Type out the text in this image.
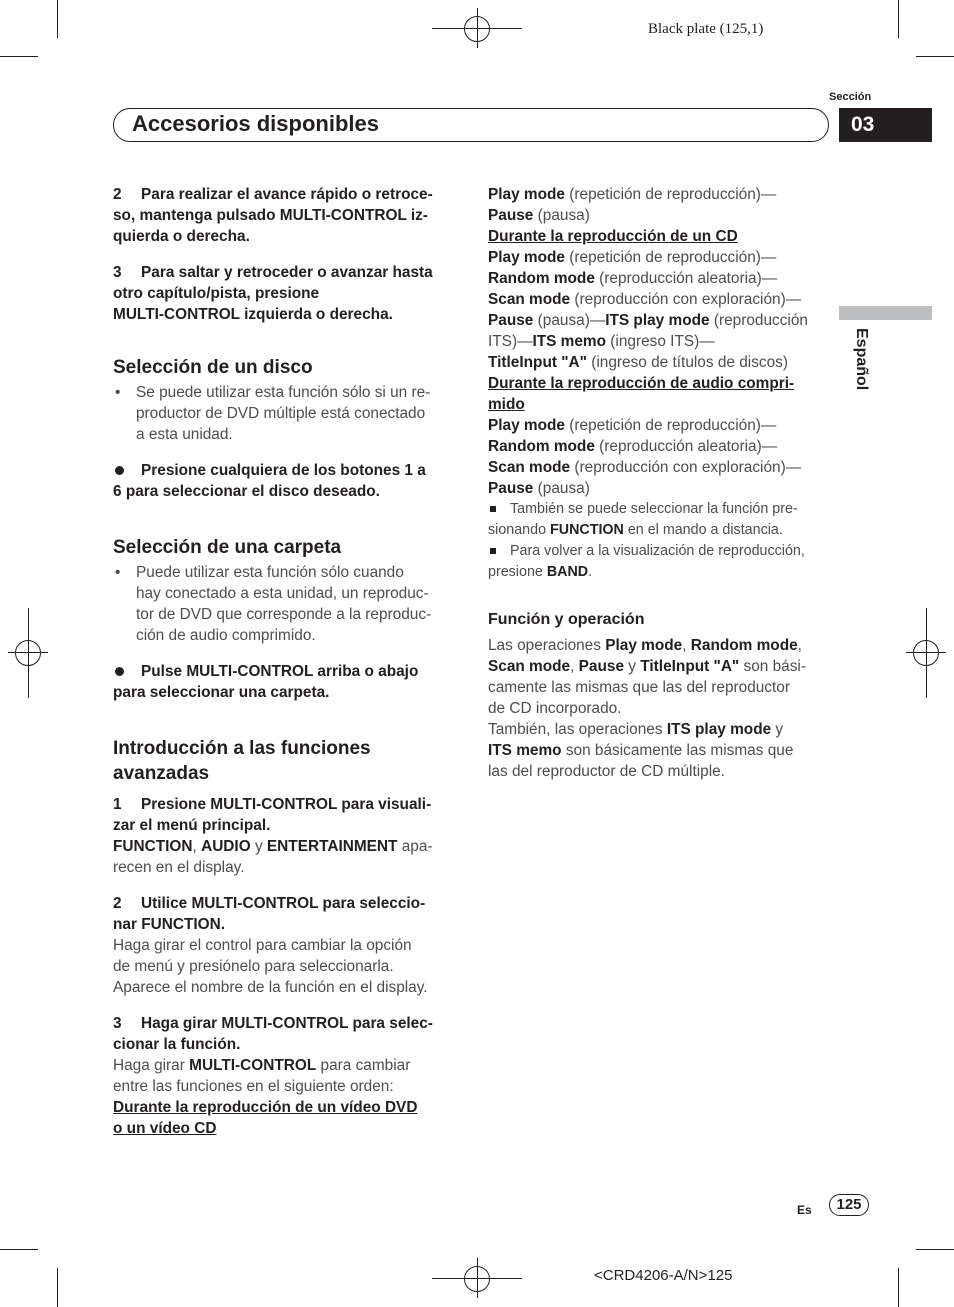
Black plate (125,1)
Sección
Accesorios disponibles	03
Español

2 Para realizar el avance rápido o retroce-

so, mantenga pulsado MULTI-CONTROL iz-

quierda o derecha.

3 Para saltar y retroceder o avanzar hasta

otro capítulo/pista, presione

MULTI-CONTROL izquierda o derecha.

Selección de un disco

• Se puede utilizar esta función sólo si un re-
productor de DVD múltiple está conectado
a esta unidad.

Presione cualquiera de los botones 1 a

6 para seleccionar el disco deseado.

Selección de una carpeta

• Puede utilizar esta función sólo cuando
hay conectado a esta unidad, un reproduc-
tor de DVD que corresponde a la reproduc-
ción de audio comprimido.

Pulse MULTI-CONTROL arriba o abajo

para seleccionar una carpeta.

Introducción a las funciones
avanzadas

1 Presione MULTI-CONTROL para visuali-

zar el menú principal.

FUNCTION, AUDIO y ENTERTAINMENT apa-

recen en el display.

2 Utilice MULTI-CONTROL para seleccio-

nar FUNCTION.

Haga girar el control para cambiar la opción

de menú y presiónelo para seleccionarla.

Aparece el nombre de la función en el display.

3 Haga girar MULTI-CONTROL para selec-

cionar la función.

Haga girar MULTI-CONTROL para cambiar

entre las funciones en el siguiente orden:

Durante la reproducción de un vídeo DVD

o un vídeo CD

Play mode (repetición de reproducción)—

Pause (pausa)

Durante la reproducción de un CD

Play mode (repetición de reproducción)—

Random mode (reproducción aleatoria)—

Scan mode (reproducción con exploración)—

Pause (pausa)—ITS play mode (reproducción

ITS)—ITS memo (ingreso ITS)—

TitleInput "A" (ingreso de títulos de discos)

Durante la reproducción de audio compri-

mido

Play mode (repetición de reproducción)—

Random mode (reproducción aleatoria)—

Scan mode (reproducción con exploración)—

Pause (pausa)

También se puede seleccionar la función pre-

sionando FUNCTION en el mando a distancia.

Para volver a la visualización de reproducción,

presione BAND.

Función y operación

Las operaciones Play mode, Random mode,

Scan mode, Pause y TitleInput "A" son bási-

camente las mismas que las del reproductor

de CD incorporado.

También, las operaciones ITS play mode y

ITS memo son básicamente las mismas que

las del reproductor de CD múltiple.

Es	125
<CRD4206-A/N>125
